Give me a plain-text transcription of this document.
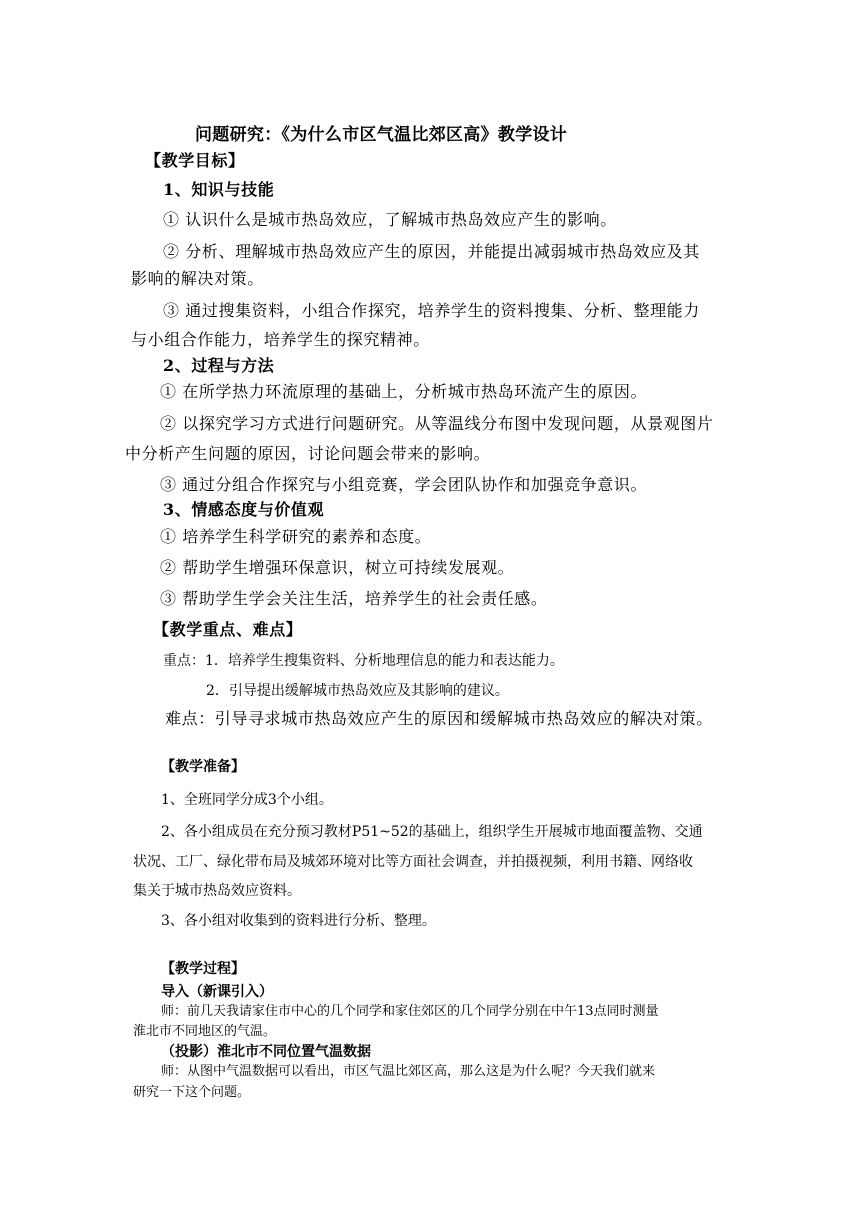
问题研究：《为什么市区气温比郊区高》教学设计
【教学目标】
1、知识与技能
① 认识什么是城市热岛效应，了解城市热岛效应产生的影响。
② 分析、理解城市热岛效应产生的原因，并能提出减弱城市热岛效应及其
影响的解决对策。
③ 通过搜集资料，小组合作探究，培养学生的资料搜集、分析、整理能力
与小组合作能力，培养学生的探究精神。
2、过程与方法
① 在所学热力环流原理的基础上，分析城市热岛环流产生的原因。
② 以探究学习方式进行问题研究。从等温线分布图中发现问题，从景观图片
中分析产生问题的原因，讨论问题会带来的影响。
③ 通过分组合作探究与小组竞赛，学会团队协作和加强竞争意识。
3、情感态度与价值观
① 培养学生科学研究的素养和态度。
② 帮助学生增强环保意识，树立可持续发展观。
③ 帮助学生学会关注生活，培养学生的社会责任感。
【教学重点、难点】
重点：1．培养学生搜集资料、分析地理信息的能力和表达能力。
2．引导提出缓解城市热岛效应及其影响的建议。
难点：引导寻求城市热岛效应产生的原因和缓解城市热岛效应的解决对策。
【教学准备】
1、全班同学分成3个小组。
2、各小组成员在充分预习教材P51~52的基础上，组织学生开展城市地面覆盖物、交通
状况、工厂、绿化带布局及城郊环境对比等方面社会调查，并拍摄视频，利用书籍、网络收
集关于城市热岛效应资料。
3、各小组对收集到的资料进行分析、整理。
【教学过程】
导入（新课引入）
师：前几天我请家住市中心的几个同学和家住郊区的几个同学分别在中午13点同时测量
淮北市不同地区的气温。
（投影）淮北市不同位置气温数据
师：从图中气温数据可以看出，市区气温比郊区高，那么这是为什么呢？今天我们就来
研究一下这个问题。
